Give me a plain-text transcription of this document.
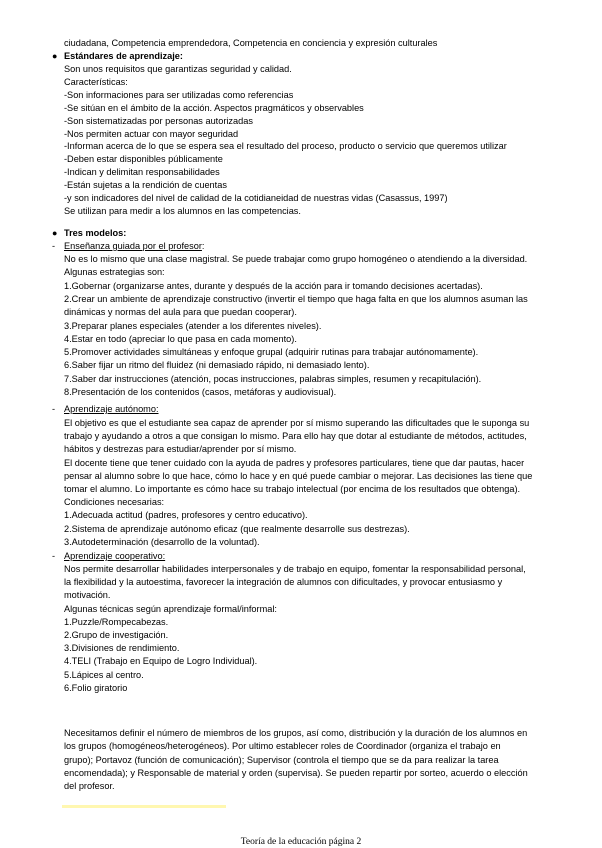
ciudadana, Competencia emprendedora, Competencia en conciencia y expresión culturales
● Estándares de aprendizaje:
Son unos requisitos que garantizas seguridad y calidad.
Características:
-Son informaciones para ser utilizadas como referencias
-Se sitúan en el ámbito de la acción. Aspectos pragmáticos y observables
-Son sistematizadas por personas autorizadas
-Nos permiten actuar con mayor seguridad
-Informan acerca de lo que se espera sea el resultado del proceso, producto o servicio que queremos utilizar
-Deben estar disponibles públicamente
-Indican y delimitan responsabilidades
-Están sujetas a la rendición de cuentas
-y son indicadores del nivel de calidad de la cotidianeidad de nuestras vidas (Casassus, 1997)
Se utilizan para medir a los alumnos en las competencias.
● Tres modelos:
- Enseñanza guiada por el profesor:
No es lo mismo que una clase magistral. Se puede trabajar como grupo homogéneo o atendiendo a la diversidad.
Algunas estrategias son:
1.Gobernar (organizarse antes, durante y después de la acción para ir tomando decisiones acertadas).
2.Crear un ambiente de aprendizaje constructivo (invertir el tiempo que haga falta en que los alumnos asuman las
dinámicas y normas del aula para que puedan cooperar).
3.Preparar planes especiales (atender a los diferentes niveles).
4.Estar en todo (apreciar lo que pasa en cada momento).
5.Promover actividades simultáneas y enfoque grupal (adquirir rutinas para trabajar autónomamente).
6.Saber fijar un ritmo del fluidez (ni demasiado rápido, ni demasiado lento).
7.Saber dar instrucciones (atención, pocas instrucciones, palabras simples, resumen y recapitulación).
8.Presentación de los contenidos (casos, metáforas y audiovisual).
- Aprendizaje autónomo:
El objetivo es que el estudiante sea capaz de aprender por sí mismo superando las dificultades que le suponga su
trabajo y ayudando a otros a que consigan lo mismo. Para ello hay que dotar al estudiante de métodos, actitudes,
hábitos y destrezas para estudiar/aprender por sí mismo.
El docente tiene que tener cuidado con la ayuda de padres y profesores particulares, tiene que dar pautas, hacer
pensar al alumno sobre lo que hace, cómo lo hace y en qué puede cambiar o mejorar. Las decisiones las tiene que
tomar el alumno. Lo importante es cómo hace su trabajo intelectual (por encima de los resultados que obtenga).
Condiciones necesarias:
1.Adecuada actitud (padres, profesores y centro educativo).
2.Sistema de aprendizaje autónomo eficaz (que realmente desarrolle sus destrezas).
3.Autodeterminación (desarrollo de la voluntad).
- Aprendizaje cooperativo:
Nos permite desarrollar habilidades interpersonales y de trabajo en equipo, fomentar la responsabilidad personal,
la flexibilidad y la autoestima, favorecer la integración de alumnos con dificultades, y provocar entusiasmo y
motivación.
Algunas técnicas según aprendizaje formal/informal:
1.Puzzle/Rompecabezas.
2.Grupo de investigación.
3.Divisiones de rendimiento.
4.TELI (Trabajo en Equipo de Logro Individual).
5.Lápices al centro.
6.Folio giratorio
Necesitamos definir el número de miembros de los grupos, así como, distribución y la duración de los alumnos en
los grupos (homogéneos/heterogéneos). Por ultimo establecer roles de Coordinador (organiza el trabajo en
grupo); Portavoz (función de comunicación); Supervisor (controla el tiempo que se da para realizar la tarea
encomendada); y Responsable de material y orden (supervisa). Se pueden repartir por sorteo, acuerdo o elección
del profesor.
Teoría de la educación página 2
